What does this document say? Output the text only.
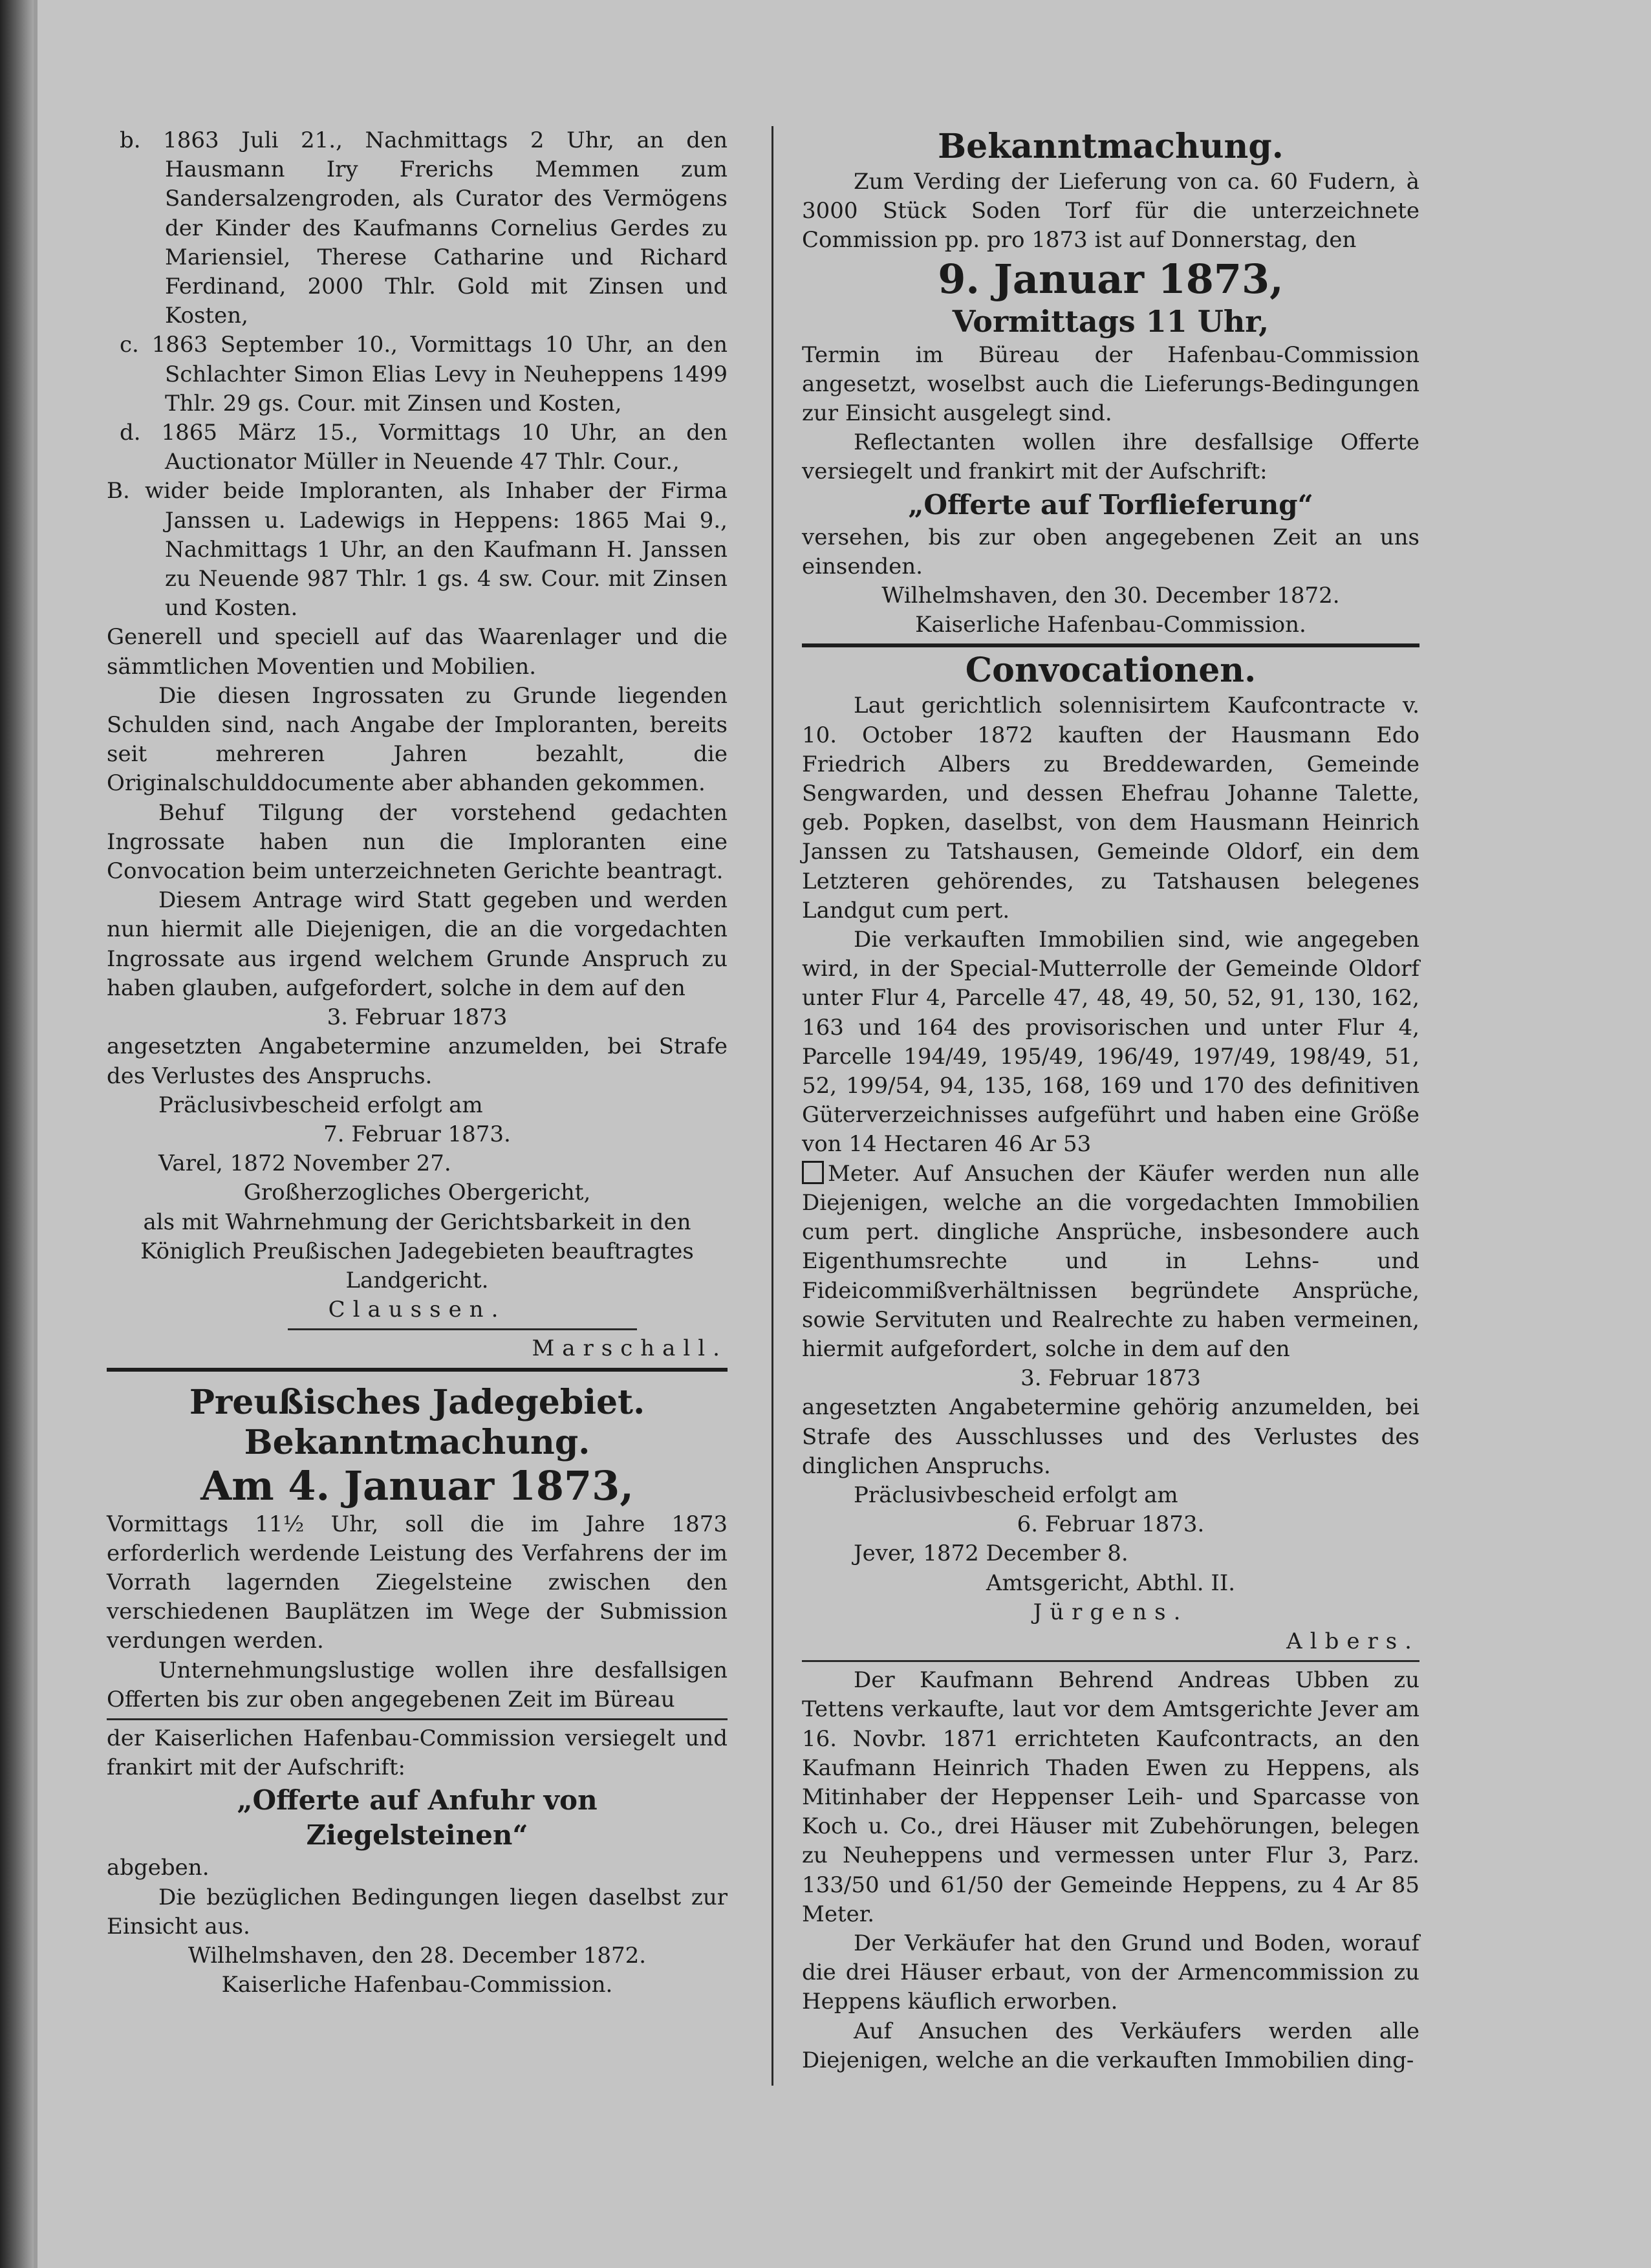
b. 1863 Juli 21., Nachmittags 2 Uhr, an den Hausmann Iry Frerichs Memmen zum Sandersalzengroden, als Curator des Vermögens der Kinder des Kaufmanns Cornelius Gerdes zu Mariensiel, Therese Catharine und Richard Ferdinand, 2000 Thlr. Gold mit Zinsen und Kosten,

c. 1863 September 10., Vormittags 10 Uhr, an den Schlachter Simon Elias Levy in Neuheppens 1499 Thlr. 29 gs. Cour. mit Zinsen und Kosten,

d. 1865 März 15., Vormittags 10 Uhr, an den Auctionator Müller in Neuende 47 Thlr. Cour.,

B. wider beide Imploranten, als Inhaber der Firma Janssen u. Ladewigs in Heppens: 1865 Mai 9., Nachmittags 1 Uhr, an den Kaufmann H. Janssen zu Neuende 987 Thlr. 1 gs. 4 sw. Cour. mit Zinsen und Kosten.

Generell und speciell auf das Waarenlager und die sämmtlichen Moventien und Mobilien.

Die diesen Ingrossaten zu Grunde liegenden Schulden sind, nach Angabe der Imploranten, bereits seit mehreren Jahren bezahlt, die Originalschulddocumente aber abhanden gekommen.

Behuf Tilgung der vorstehend gedachten Ingrossate haben nun die Imploranten eine Convocation beim unterzeichneten Gerichte beantragt.

Diesem Antrage wird Statt gegeben und werden nun hiermit alle Diejenigen, die an die vorgedachten Ingrossate aus irgend welchem Grunde Anspruch zu haben glauben, aufgefordert, solche in dem auf den

3. Februar 1873

angesetzten Angabetermine anzumelden, bei Strafe des Verlustes des Anspruchs.

Präclusivbescheid erfolgt am

7. Februar 1873.

Varel, 1872 November 27.

Großherzogliches Obergericht,

als mit Wahrnehmung der Gerichtsbarkeit in den Königlich Preußischen Jadegebieten beauftragtes Landgericht.

Claussen.

Marschall.

Preußisches Jadegebiet.

Bekanntmachung.

Am 4. Januar 1873,

Vormittags 11½ Uhr, soll die im Jahre 1873 erforderlich werdende Leistung des Verfahrens der im Vorrath lagernden Ziegelsteine zwischen den verschiedenen Bauplätzen im Wege der Submission verdungen werden.

Unternehmungslustige wollen ihre desfallsigen Offerten bis zur oben angegebenen Zeit im Büreau

der Kaiserlichen Hafenbau-Commission versiegelt und frankirt mit der Aufschrift:

„Offerte auf Anfuhr von

Ziegelsteinen“

abgeben.

Die bezüglichen Bedingungen liegen daselbst zur Einsicht aus.

Wilhelmshaven, den 28. December 1872.

Kaiserliche Hafenbau-Commission.

Bekanntmachung.

Zum Verding der Lieferung von ca. 60 Fudern, à 3000 Stück Soden Torf für die unterzeichnete Commission pp. pro 1873 ist auf Donnerstag, den

9. Januar 1873,

Vormittags 11 Uhr,

Termin im Büreau der Hafenbau-Commission angesetzt, woselbst auch die Lieferungs-Bedingungen zur Einsicht ausgelegt sind.

Reflectanten wollen ihre desfallsige Offerte versiegelt und frankirt mit der Aufschrift:

„Offerte auf Torflieferung“

versehen, bis zur oben angegebenen Zeit an uns einsenden.

Wilhelmshaven, den 30. December 1872.

Kaiserliche Hafenbau-Commission.

Convocationen.

Laut gerichtlich solennisirtem Kaufcontracte v. 10. October 1872 kauften der Hausmann Edo Friedrich Albers zu Breddewarden, Gemeinde Sengwarden, und dessen Ehefrau Johanne Talette, geb. Popken, daselbst, von dem Hausmann Heinrich Janssen zu Tatshausen, Gemeinde Oldorf, ein dem Letzteren gehörendes, zu Tatshausen belegenes Landgut cum pert.

Die verkauften Immobilien sind, wie angegeben wird, in der Special-Mutterrolle der Gemeinde Oldorf unter Flur 4, Parcelle 47, 48, 49, 50, 52, 91, 130, 162, 163 und 164 des provisorischen und unter Flur 4, Parcelle 194/49, 195/49, 196/49, 197/49, 198/49, 51, 52, 199/54, 94, 135, 168, 169 und 170 des definitiven Güterverzeichnisses aufgeführt und haben eine Größe von 14 Hectaren 46 Ar 53

Meter. Auf Ansuchen der Käufer werden nun alle Diejenigen, welche an die vorgedachten Immobilien cum pert. dingliche Ansprüche, insbesondere auch Eigenthumsrechte und in Lehns- und Fideicommißverhältnissen begründete Ansprüche, sowie Servituten und Realrechte zu haben vermeinen, hiermit aufgefordert, solche in dem auf den

3. Februar 1873

angesetzten Angabetermine gehörig anzumelden, bei Strafe des Ausschlusses und des Verlustes des dinglichen Anspruchs.

Präclusivbescheid erfolgt am

6. Februar 1873.

Jever, 1872 December 8.

Amtsgericht, Abthl. II.

Jürgens.

Albers.

Der Kaufmann Behrend Andreas Ubben zu Tettens verkaufte, laut vor dem Amtsgerichte Jever am 16. Novbr. 1871 errichteten Kaufcontracts, an den Kaufmann Heinrich Thaden Ewen zu Heppens, als Mitinhaber der Heppenser Leih- und Sparcasse von Koch u. Co., drei Häuser mit Zubehörungen, belegen zu Neuheppens und vermessen unter Flur 3, Parz. 133/50 und 61/50 der Gemeinde Heppens, zu 4 Ar 85 Meter.

Der Verkäufer hat den Grund und Boden, worauf die drei Häuser erbaut, von der Armencommission zu Heppens käuflich erworben.

Auf Ansuchen des Verkäufers werden alle Diejenigen, welche an die verkauften Immobilien ding-
